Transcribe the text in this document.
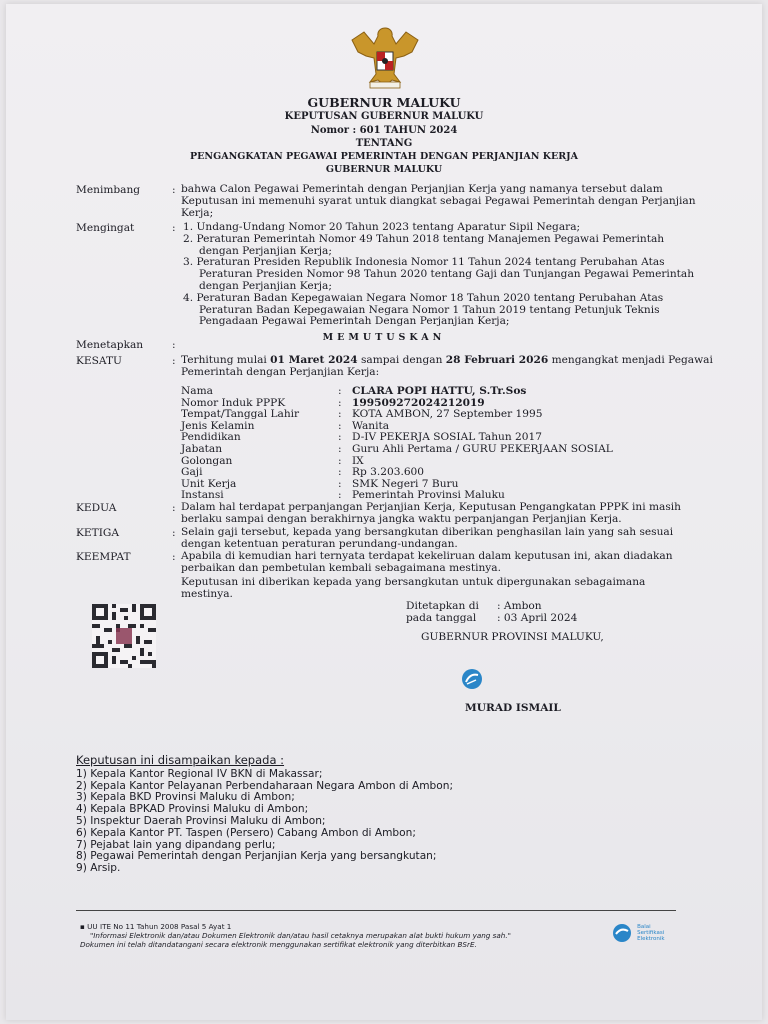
GUBERNUR MALUKU
KEPUTUSAN GUBERNUR MALUKU
Nomor : 601 TAHUN 2024
TENTANG
PENGANGKATAN PEGAWAI PEMERINTAH DENGAN PERJANJIAN KERJA
GUBERNUR MALUKU
Menimbang	: bahwa Calon Pegawai Pemerintah dengan Perjanjian Kerja yang namanya tersebut dalam
Keputusan ini memenuhi syarat untuk diangkat sebagai Pegawai Pemerintah dengan Perjanjian
Kerja;
Mengingat	: 1. Undang-Undang Nomor 20 Tahun 2023 tentang Aparatur Sipil Negara;
2. Peraturan Pemerintah Nomor 49 Tahun 2018 tentang Manajemen Pegawai Pemerintah
dengan Perjanjian Kerja;
3. Peraturan Presiden Republik Indonesia Nomor 11 Tahun 2024 tentang Perubahan Atas
Peraturan Presiden Nomor 98 Tahun 2020 tentang Gaji dan Tunjangan Pegawai Pemerintah
dengan Perjanjian Kerja;
4. Peraturan Badan Kepegawaian Negara Nomor 18 Tahun 2020 tentang Perubahan Atas
Peraturan Badan Kepegawaian Negara Nomor 1 Tahun 2019 tentang Petunjuk Teknis
Pengadaan Pegawai Pemerintah Dengan Perjanjian Kerja;
MEMUTUSKAN
Menetapkan	:
KESATU	: Terhitung mulai 01 Maret 2024 sampai dengan 28 Februari 2026 mengangkat menjadi Pegawai
Pemerintah dengan Perjanjian Kerja:
Nama	: CLARA POPI HATTU, S.Tr.Sos
Nomor Induk PPPK	: 199509272024212019
Tempat/Tanggal Lahir	: KOTA AMBON, 27 September 1995
Jenis Kelamin	: Wanita
Pendidikan	: D-IV PEKERJA SOSIAL Tahun 2017
Jabatan	: Guru Ahli Pertama / GURU PEKERJAAN SOSIAL
Golongan	: IX
Gaji	: Rp 3.203.600
Unit Kerja	: SMK Negeri 7 Buru
Instansi	: Pemerintah Provinsi Maluku
KEDUA	: Dalam hal terdapat perpanjangan Perjanjian Kerja, Keputusan Pengangkatan PPPK ini masih
berlaku sampai dengan berakhirnya jangka waktu perpanjangan Perjanjian Kerja.
KETIGA	: Selain gaji tersebut, kepada yang bersangkutan diberikan penghasilan lain yang sah sesuai
dengan ketentuan peraturan perundang-undangan.
KEEMPAT	: Apabila di kemudian hari ternyata terdapat kekeliruan dalam keputusan ini, akan diadakan
perbaikan dan pembetulan kembali sebagaimana mestinya.
Keputusan ini diberikan kepada yang bersangkutan untuk dipergunakan sebagaimana
mestinya.
Ditetapkan di : Ambon
pada tanggal : 03 April 2024
GUBERNUR PROVINSI MALUKU,
MURAD ISMAIL
Keputusan ini disampaikan kepada :
1) Kepala Kantor Regional IV BKN di Makassar;
2) Kepala Kantor Pelayanan Perbendaharaan Negara Ambon di Ambon;
3) Kepala BKD Provinsi Maluku di Ambon;
4) Kepala BPKAD Provinsi Maluku di Ambon;
5) Inspektur Daerah Provinsi Maluku di Ambon;
6) Kepala Kantor PT. Taspen (Persero) Cabang Ambon di Ambon;
7) Pejabat lain yang dipandang perlu;
8) Pegawai Pemerintah dengan Perjanjian Kerja yang bersangkutan;
9) Arsip.
▪ UU ITE No 11 Tahun 2008 Pasal 5 Ayat 1
"Informasi Elektronik dan/atau Dokumen Elektronik dan/atau hasil cetaknya merupakan alat bukti hukum yang sah."
Dokumen ini telah ditandatangani secara elektronik menggunakan sertifikat elektronik yang diterbitkan BSrE.
Balai Sertifikasi Elektronik
